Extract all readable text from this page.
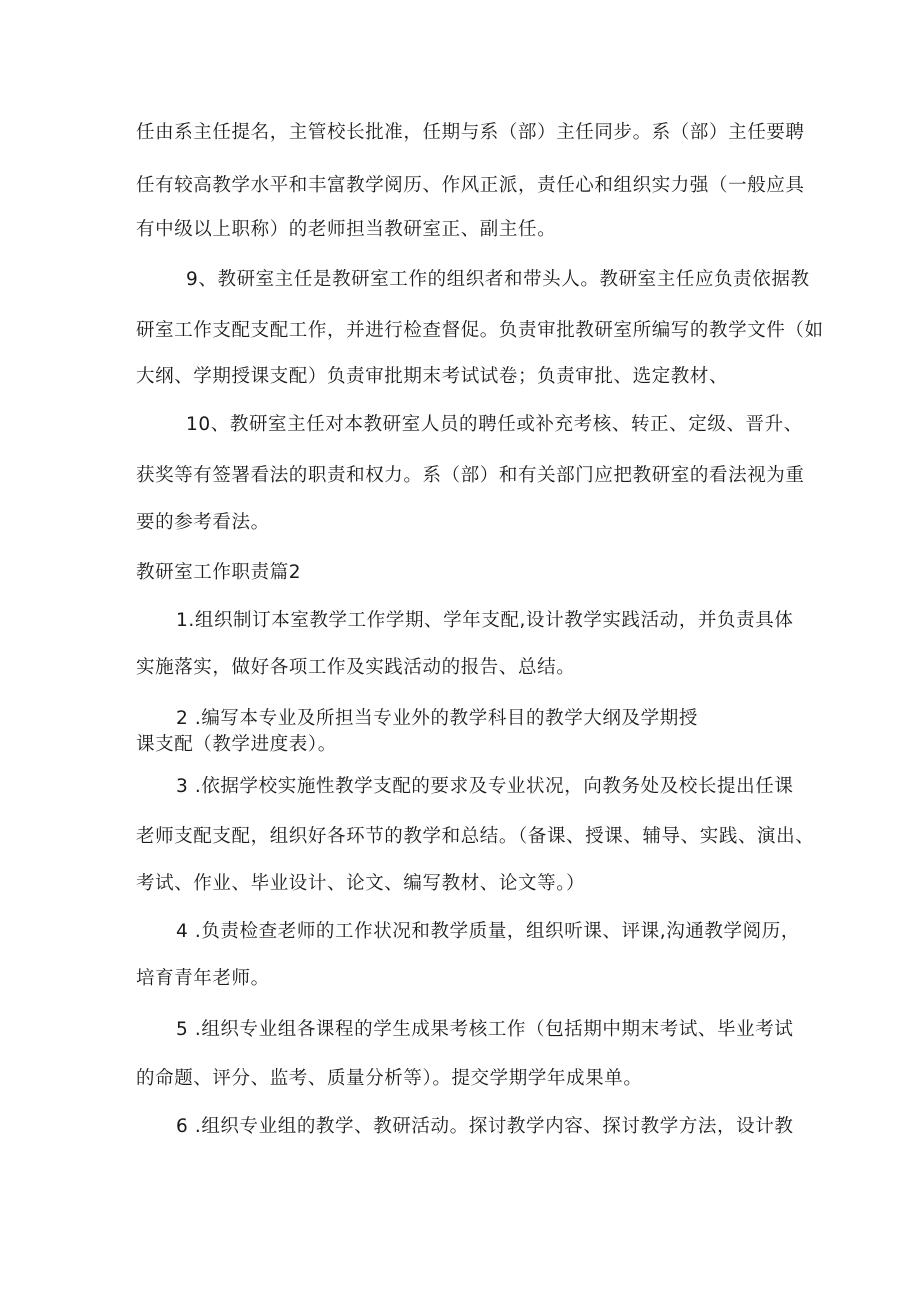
任由系主任提名，主管校长批准，任期与系（部）主任同步。系（部）主任要聘
任有较高教学水平和丰富教学阅历、作风正派，责任心和组织实力强（一般应具
有中级以上职称）的老师担当教研室正、副主任。
9、教研室主任是教研室工作的组织者和带头人。教研室主任应负责依据教
研室工作支配支配工作，并进行检查督促。负责审批教研室所编写的教学文件（如
大纲、学期授课支配）负责审批期末考试试卷；负责审批、选定教材、
10、教研室主任对本教研室人员的聘任或补充考核、转正、定级、晋升、
获奖等有签署看法的职责和权力。系（部）和有关部门应把教研室的看法视为重
要的参考看法。
教研室工作职责篇2
1.组织制订本室教学工作学期、学年支配,设计教学实践活动，并负责具体
实施落实，做好各项工作及实践活动的报告、总结。
2 .编写本专业及所担当专业外的教学科目的教学大纲及学期授
课支配（教学进度表）。
3 .依据学校实施性教学支配的要求及专业状况，向教务处及校长提出任课
老师支配支配，组织好各环节的教学和总结。（备课、授课、辅导、实践、演出、
考试、作业、毕业设计、论文、编写教材、论文等。）
4 .负责检查老师的工作状况和教学质量，组织听课、评课,沟通教学阅历，
培育青年老师。
5 .组织专业组各课程的学生成果考核工作（包括期中期末考试、毕业考试
的命题、评分、监考、质量分析等）。提交学期学年成果单。
6 .组织专业组的教学、教研活动。探讨教学内容、探讨教学方法，设计教
